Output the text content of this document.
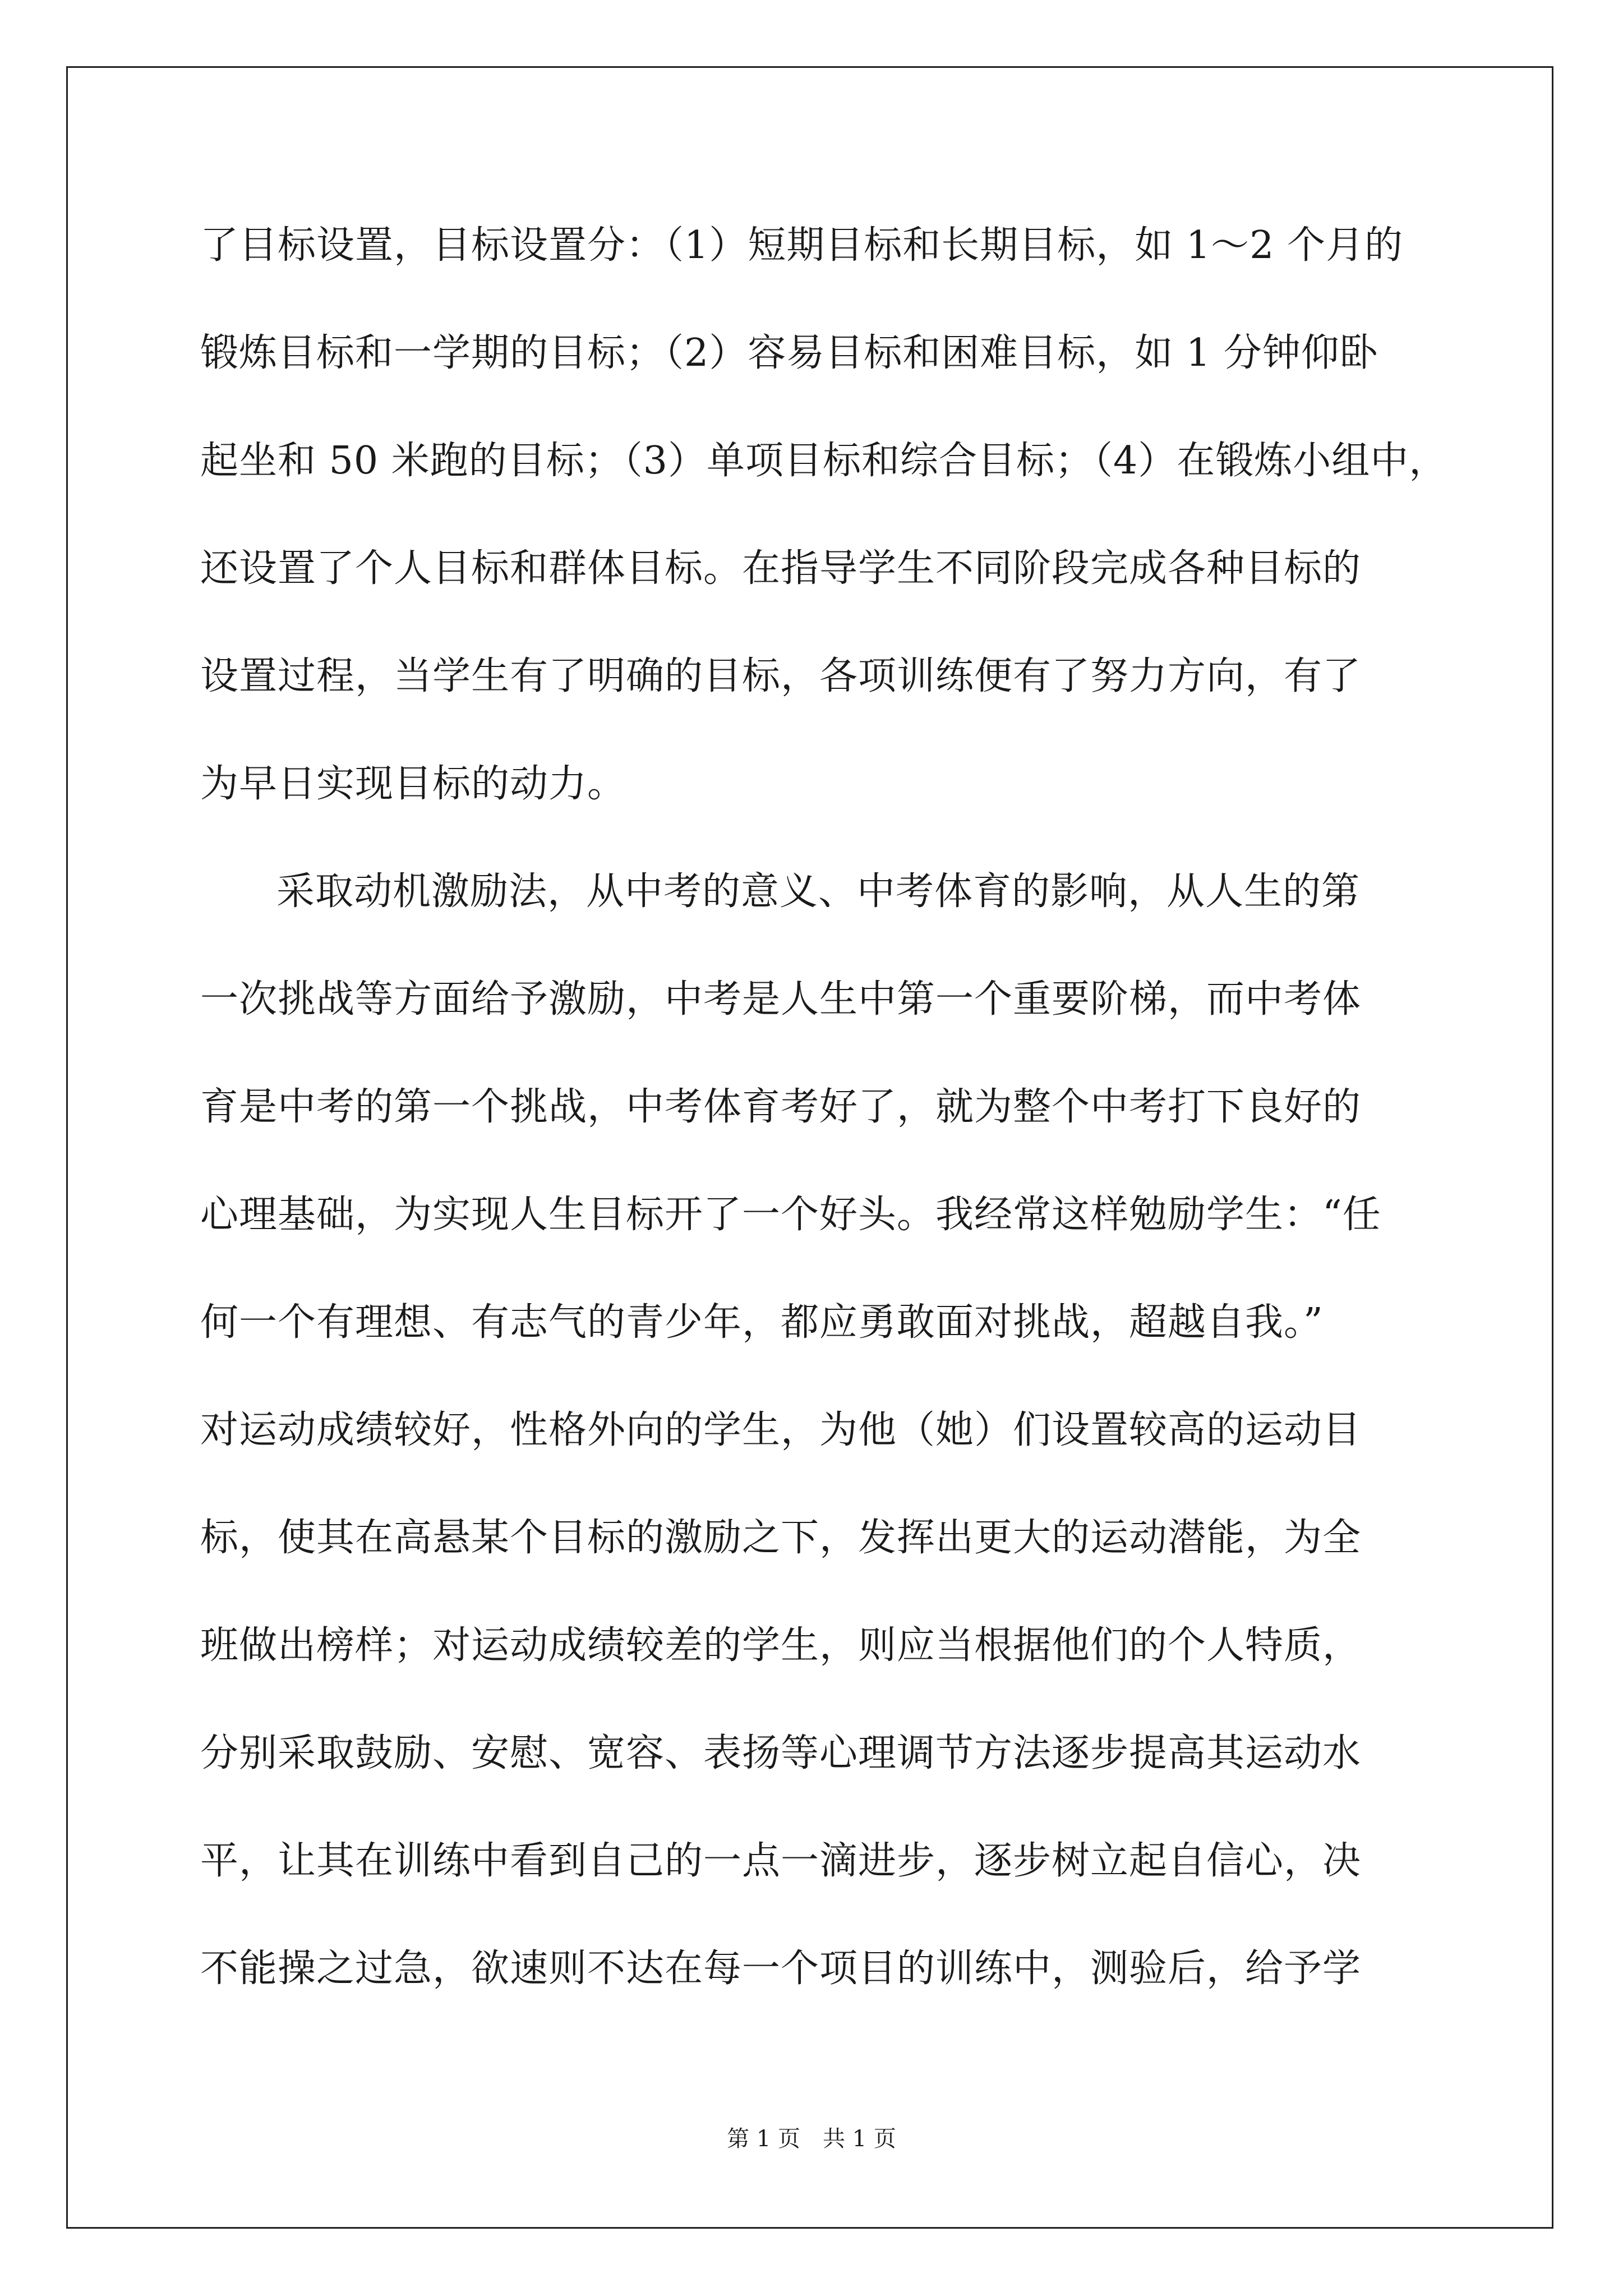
了目标设置，目标设置分：（1）短期目标和长期目标，如 1～2 个月的
锻炼目标和一学期的目标；（2）容易目标和困难目标，如 1 分钟仰卧
起坐和 50 米跑的目标；（3）单项目标和综合目标；（4）在锻炼小组中，
还设置了个人目标和群体目标。在指导学生不同阶段完成各种目标的
设置过程，当学生有了明确的目标，各项训练便有了努力方向，有了
为早日实现目标的动力。
采取动机激励法，从中考的意义、中考体育的影响，从人生的第
一次挑战等方面给予激励，中考是人生中第一个重要阶梯，而中考体
育是中考的第一个挑战，中考体育考好了，就为整个中考打下良好的
心理基础，为实现人生目标开了一个好头。我经常这样勉励学生：“任
何一个有理想、有志气的青少年，都应勇敢面对挑战，超越自我。”
对运动成绩较好，性格外向的学生，为他（她）们设置较高的运动目
标，使其在高悬某个目标的激励之下，发挥出更大的运动潜能，为全
班做出榜样；对运动成绩较差的学生，则应当根据他们的个人特质，
分别采取鼓励、安慰、宽容、表扬等心理调节方法逐步提高其运动水
平，让其在训练中看到自己的一点一滴进步，逐步树立起自信心，决
不能操之过急，欲速则不达在每一个项目的训练中，测验后，给予学
第 1 页 共 1 页
